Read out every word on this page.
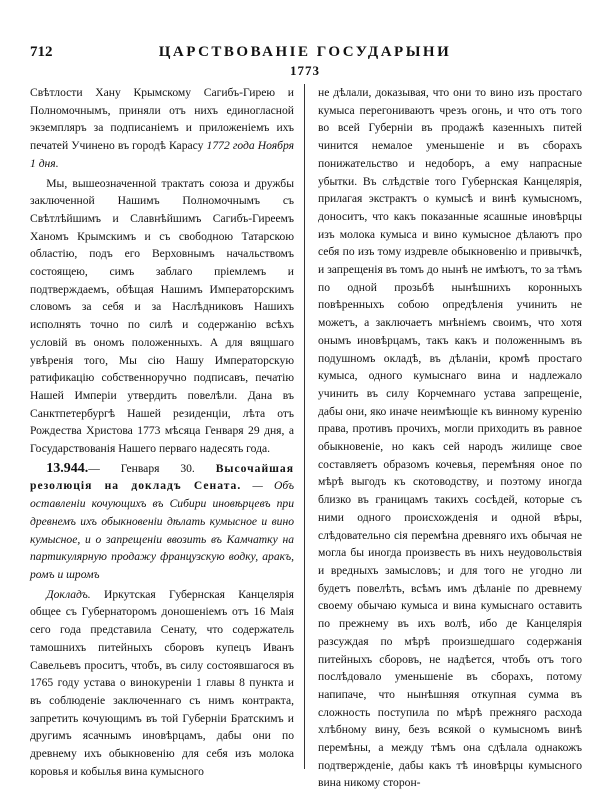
712	ЦАРСТВОВАНIЕ ГОСУДАРЫНИ
1773

Свѣтлости Хану Крымскому Сагибъ-Гирею и Полномочнымъ, приняли отъ нихъ единогласной экземпляръ за подписанiемъ и приложенiемъ ихъ печатей Учинено въ городѣ Карасу 1772 года Ноября 1 дня.

Мы, вышеозначенной трактатъ союза и дружбы заключенной Нашимъ Полномочнымъ съ Свѣтлѣйшимъ и Славнѣйшимъ Сагибъ-Гиреемъ Ханомъ Крымскимъ и съ свободною Татарскою областiю, подъ его Верховнымъ начальствомъ состоящею, симъ заблаго прiемлемъ и подтверждаемъ, обѣщая Нашимъ Императорскимъ словомъ за себя и за Наслѣдниковъ Нашихъ исполнять точно по силѣ и содержанiю всѣхъ условiй въ ономъ положенныхъ. А для вящшаго увѣренiя того, Мы сiю Нашу Императорскую ратификацiю собственноручно подписавъ, печатiю Нашей Имперiи утвердить повелѣли. Дана въ Санктпетербургѣ Нашей резиденцiи, лѣта отъ Рождества Христова 1773 мѣсяца Генваря 29 дня, а Государствованiя Нашего перваго надесять года.

13.944.— Генваря 30. Высочайшая резолюцiя на докладъ Сената. — Объ оставленiи кочующихъ въ Сибири иновѣрцевъ при древнемъ ихъ обыкновенiи дѣлать кумысное и вино кумысное, и о запрещенiи ввозить въ Камчатку на партикулярную продажу французскую водку, аракъ, ромъ и шромъ

Докладъ. Иркутская Губернская Канцелярiя общее съ Губернаторомъ доношенiемъ отъ 16 Маiя сего года представила Сенату, что содержатель тамошнихъ питейныхъ сборовъ купецъ Иванъ Савельевъ проситъ, чтобъ, въ силу состоявшагося въ 1765 году устава о винокуренiи 1 главы 8 пункта и въ соблюденiе заключеннаго съ нимъ контракта, запретить кочующимъ въ той Губернiи Братскимъ и другимъ ясачнымъ иновѣрцамъ, дабы они по древнему ихъ обыкновенiю для себя изъ молока коровья и кобылья вина кумысного

не дѣлали, доказывая, что они то вино изъ простаго кумыса перегониваютъ чрезъ огонь, и что отъ того во всей Губернiи въ продажѣ казенныхъ питей чинится немалое уменьшенiе и въ сборахъ понижательство и недоборъ, а ему напрасные убытки. Въ слѣдствiе того Губернская Канцелярiя, прилагая экстрактъ о кумысѣ и винѣ кумысномъ, доноситъ, что какъ показанные ясашные иновѣрцы изъ молока кумыса и вино кумысное дѣлаютъ про себя по изъ тому издревле обыкновенiю и привычкѣ, и запрещенiя въ томъ до нынѣ не имѣютъ, то за тѣмъ по одной прозьбѣ нынѣшнихъ коронныхъ повѣренныхъ собою опредѣленiя учинить не можетъ, а заключаетъ мнѣнiемъ своимъ, что хотя онымъ иновѣрцамъ, такъ какъ и положеннымъ въ подушномъ окладѣ, въ дѣланiи, кромѣ простаго кумыса, одного кумыснаго вина и надлежало учинить въ силу Корчемнаго устава запрещенiе, дабы они, яко иначе неимѣющiе къ винному куренiю права, противъ прочихъ, могли приходить въ равное обыкновенiе, но какъ сей народъ жилище свое составляетъ образомъ кочевья, перемѣняя оное по мѣрѣ выгодъ къ скотоводству, и поэтому иногда близко въ границамъ такихъ сосѣдей, которые съ ними одного происхожденiя и одной вѣры, слѣдовательно сiя перемѣна древняго ихъ обычая не могла бы иногда произвесть въ нихъ неудовольствiя и вредныхъ замысловъ; и для того не угодно ли будетъ повелѣть, всѣмъ имъ дѣланiе по древнему своему обычаю кумыса и вина кумыснаго оставить по прежнему въ ихъ волѣ, ибо де Канцелярiя разсуждая по мѣрѣ произшедшаго содержанiя питейныхъ сборовъ, не надѣется, чтобъ отъ того послѣдовало уменьшенiе въ сборахъ, потому напипаче, что нынѣшняя откупная сумма въ сложность поступила по мѣрѣ прежняго расхода хлѣбному вину, безъ всякой о кумысномъ винѣ перемѣны, а между тѣмъ она сдѣлала однакожъ подтвержденiе, дабы какъ тѣ иновѣрцы кумысного вина никому сторон-
